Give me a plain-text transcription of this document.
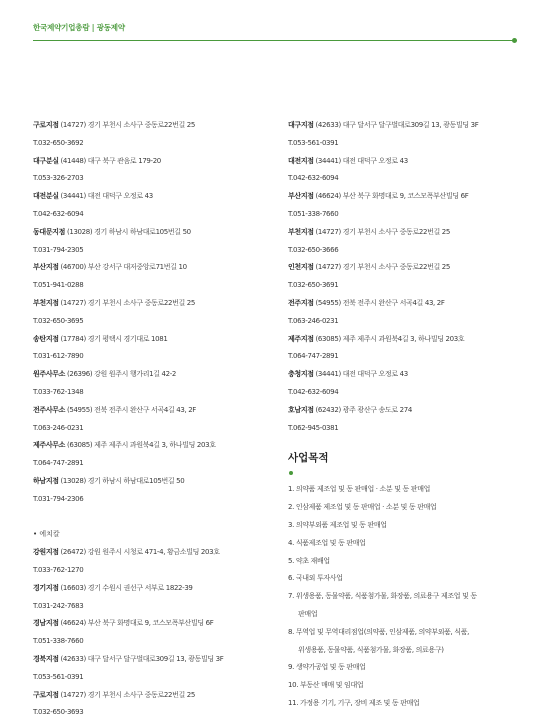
한국제약기업총람 | 광동제약
구로지점 (14727) 경기 부천시 소사구 중동로22번길 25
T.032-650-3692
대구분실 (41448) 대구 북구 관음로 179-20
T.053-326-2703
대전분실 (34441) 대전 대덕구 오정로 43
T.042-632-6094
동대문지점 (13028) 경기 하남시 하남대로105번길 50
T.031-794-2305
부산지점 (46700) 부산 강서구 대저중앙로71번길 10
T.051-941-0288
부천지점 (14727) 경기 부천시 소사구 중동로22번길 25
T.032-650-3695
송탄지점 (17784) 경기 평택시 경기대로 1081
T.031-612-7890
원주사무소 (26396) 강원 원주시 행가리1길 42-2
T.033-762-1348
전주사무소 (54955) 전북 전주시 완산구 서곡4길 43, 2F
T.063-246-0231
제주사무소 (63085) 제주 제주시 과원북4길 3, 하나빌딩 203호
T.064-747-2891
하남지점 (13028) 경기 하남시 하남대로105번길 50
T.031-794-2306
• 에치칼
강원지점 (26472) 강원 원주시 시청로 471-4, 황금소빌딩 203호
T.033-762-1270
경기지점 (16603) 경기 수원시 권선구 서부로 1822-39
T.031-242-7683
경남지점 (46624) 부산 북구 화명대로 9, 코스모폭부산빌딩 6F
T.051-338-7660
경북지점 (42633) 대구 달서구 달구벌대로309길 13, 광동빌딩 3F
T.053-561-0391
구로지점 (14727) 경기 부천시 소사구 중동로22번길 25
T.032-650-3693
대구지점 (42633) 대구 달서구 달구벌대로309길 13, 광동빌딩 3F
T.053-561-0391
대전지점 (34441) 대전 대덕구 오정로 43
T.042-632-6094
부산지점 (46624) 부산 북구 화명대로 9, 코스모폭부산빌딩 6F
T.051-338-7660
부천지점 (14727) 경기 부천시 소사구 중동로22번길 25
T.032-650-3666
인천지점 (14727) 경기 부천시 소사구 중동로22번길 25
T.032-650-3691
전주지점 (54955) 전북 전주시 완산구 서곡4길 43, 2F
T.063-246-0231
제주지점 (63085) 제주 제주시 과원북4길 3, 하나빌딩 203호
T.064-747-2891
충청지점 (34441) 대전 대덕구 오정로 43
T.042-632-6094
호남지점 (62432) 광주 광산구 송도로 274
T.062-945-0381
사업목적
1. 의약품 제조업 및 동 판매업 · 소분 및 동 판매업
2. 인삼제품 제조업 및 동 판매업 · 소분 및 동 판매업
3. 의약부외품 제조업 및 동 판매업
4. 식품제조업 및 동 판매업
5. 약초 재배업
6. 국내외 투자사업
7. 위생용품, 동물약품, 식품첨가물, 화장품, 의료용구 제조업 및 동
판매업
8. 무역업 및 무역대리점업(의약품, 인삼제품, 의약부외품, 식품,
위생용품, 동물약품, 식품첨가물, 화장품, 의료용구)
9. 생약가공업 및 동 판매업
10. 부동산 매매 및 임대업
11. 가정용 기기, 기구, 장비 제조 및 동 판매업
